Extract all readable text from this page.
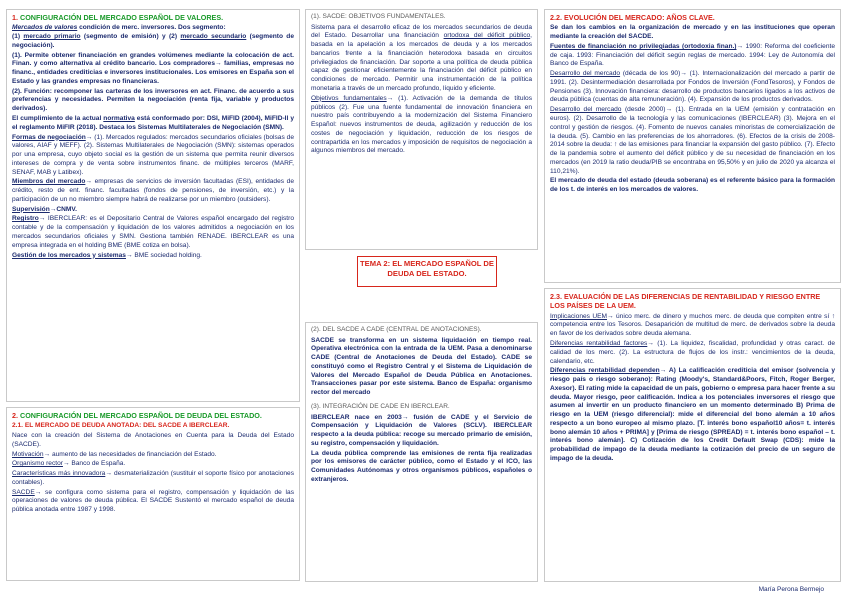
1. CONFIGURACIÓN DEL MERCADO ESPAÑOL DE VALORES.

Mercados de valores condición de merc. inversores. Dos segmento:
(1) mercado primario (segmento de emisión) y (2) mercado secundario (segmento de negociación).

(1). Permite obtener financiación en grandes volúmenes mediante la colocación de act. Finan. y como alternativa al crédito bancario. Los compradores→ familias, empresas no financ., entidades crediticias e inversores institucionales. Los emisores en España son el Estado y las grandes empresas no financieras.

(2). Función: recomponer las carteras de los inversores en act. Financ. de acuerdo a sus preferencias y necesidades. Permiten la negociación (renta fija, variable y productos derivados).

El cumplimiento de la actual normativa está conformado por: DSI, MiFID (2004), MiFID-II y el reglamento MiFIR (2018). Destaca los Sistemas Multilaterales de Negociación (SMN).

Formas de negociación→ (1). Mercados regulados: mercados secundarios oficiales (bolsas de valores, AIAF y MEFF). (2). Sistemas Multilaterales de Negociación (SMN): sistemas operados por una empresa, cuyo objeto social es la gestión de un sistema que permita reunir diversos intereses de compra y de venta sobre instrumentos financ. de múltiples terceros (MARF, SENAF, MAB y Latibex).

Miembros del mercado→ empresas de servicios de inversión facultadas (ESI), entidades de crédito, resto de ent. financ. facultadas (fondos de pensiones, de inversión, etc.) y la participación de un no miembro siempre habrá de realizarse por un miembro (outsiders).

Supervisión→CNMV.

Registro→ IBERCLEAR: es el Depositario Central de Valores español encargado del registro contable y de la compensación y liquidación de los valores admitidos a negociación en los mercados secundarios oficiales y SMN. Gestiona también RENADE. IBERCLEAR es una empresa integrada en el holding BME (BME cotiza en bolsa).

Gestión de los mercados y sistemas→ BME sociedad holding.

2. CONFIGURACIÓN DEL MERCADO ESPAÑOL DE DEUDA DEL ESTADO.
2.1. EL MERCADO DE DEUDA ANOTADA: DEL SACDE A IBERCLEAR.

Nace con la creación del Sistema de Anotaciones en Cuenta para la Deuda del Estado (SACDE).

Motivación→ aumento de las necesidades de financiación del Estado.

Organismo rector→ Banco de España.

Características más innovadora→ desmaterialización (sustituir el soporte físico por anotaciones contables).

SACDE→ se configura como sistema para el registro, compensación y liquidación de las operaciones de valores de deuda pública. El SACDE Sustentó el mercado español de deuda pública anotada entre 1987 y 1998.

(1). SACDE: OBJETIVOS FUNDAMENTALES.

Sistema para el desarrollo eficaz de los mercados secundarios de deuda del Estado. Desarrollar una financiación ortodoxa del déficit público, basada en la apelación a los mercados de deuda y a los mercados bancarios frente a la financiación heterodoxa basada en circuitos privilegiados de financiación. Dar soporte a una política de deuda pública capaz de gestionar eficientemente la financiación del déficit público en condiciones de mercado. Permitir una instrumentación de la política monetaria a través de un mercado profundo, líquido y eficiente.

Objetivos fundamentales→ (1). Activación de la demanda de títulos públicos (2). Fue una fuente fundamental de innovación financiera en nuestro país contribuyendo a la modernización del Sistema Financiero Español: nuevos instrumentos de deuda, agilización y reducción de los costes de negociación y liquidación, reducción de los riesgos de contrapartida en los mercados y imposición de requisitos de negociación a algunos miembros del mercado.

TEMA 2: EL MERCADO ESPAÑOL DE
DEUDA DEL ESTADO.
(2). DEL SACDE A CADE (CENTRAL DE ANOTACIONES).

SACDE se transforma en un sistema liquidación en tiempo real. Operativa electrónica con la entrada de la UEM. Pasa a denominarse CADE (Central de Anotaciones de Deuda del Estado). CADE se constituyó como el Registro Central y el Sistema de Liquidación de Valores del Mercado Español de Deuda Pública en Anotaciones. Transacciones pasar por este sistema. Banco de España: organismo rector del mercado

(3). INTEGRACIÓN DE CADE EN IBERCLEAR.

IBERCLEAR nace en 2003→ fusión de CADE y el Servicio de Compensación y Liquidación de Valores (SCLV). IBERCLEAR respecto a la deuda pública: recoge su mercado primario de emisión, su registro, compensación y liquidación.

La deuda pública comprende las emisiones de renta fija realizadas por los emisores de carácter público, como el Estado y el ICO, las Comunidades Autónomas y otros organismos públicos, españoles o extranjeros.

2.2. EVOLUCIÓN DEL MERCADO: AÑOS CLAVE.

Se dan los cambios en la organización de mercado y en las instituciones que operan mediante la creación del SACDE.

Fuentes de financiación no privilegiadas (ortodoxia finan.)→ 1990: Reforma del coeficiente de caja. 1993: Financiación del déficit según reglas de mercado. 1994: Ley de Autonomía del Banco de España.

Desarrollo del mercado (década de los 90)→ (1). Internacionalización del mercado a partir de 1991. (2). Desintermediación desarrollada por Fondos de Inversión (FondTesoros), y Fondos de Pensiones (3). Innovación financiera: desarrollo de productos bancarios ligados a los activos de deuda pública (cuentas de alta remuneración). (4). Expansión de los productos derivados.

Desarrollo del mercado (desde 2000)→ (1). Entrada en la UEM (emisión y contratación en euros). (2). Desarrollo de la tecnología y las comunicaciones (IBERCLEAR) (3). Mejora en el control y gestión de riesgos. (4). Fomento de nuevos canales minoristas de comercialización de la deuda. (5). Cambio en las preferencias de los ahorradores. (6). Efectos de la crisis de 2008-2014 sobre la deuda: ↑ de las emisiones para financiar la expansión del gasto público. (7). Efecto de la pandemia sobre el aumento del déficit público y de su necesidad de financiación en los mercados (en 2019 la ratio deuda/PIB se encontraba en 95,50% y en julio de 2020 ya alcanza el 110,21%).

El mercado de deuda del estado (deuda soberana) es el referente básico para la formación de los t. de interés en los mercados de valores.

2.3. EVALUACIÓN DE LAS DIFERENCIAS DE RENTABILIDAD Y RIESGO ENTRE LOS PAÍSES DE LA UEM.

Implicaciones UEM→ único merc. de dinero y muchos merc. de deuda que compiten entre sí ↑ competencia entre los Tesoros. Desaparición de multitud de merc. de derivados sobre la deuda en favor de los derivados sobre deuda alemana.

Diferencias rentabilidad factores→ (1). La liquidez, fiscalidad, profundidad y otras caract. de calidad de los merc. (2). La estructura de flujos de los instr.: vencimientos de la deuda, calendario, etc.

Diferencias rentabilidad dependen→ A) La calificación crediticia del emisor (solvencia y riesgo país o riesgo soberano): Rating (Moody's, Standard&Poors, Fitch, Roger Berger, Axesor). El rating mide la capacidad de un país, gobierno o empresa para hacer frente a su deuda. Mayor riesgo, peor calificación. Indica a los potenciales inversores el riesgo que asumen al invertir en un producto financiero en un momento determinado B) Prima de riesgo en la UEM (riesgo diferencial): mide el diferencial del bono alemán a 10 años respecto a un bono europeo al mismo plazo. [T. interés bono español10 años= t. interés bono alemán 10 años + PRIMA] y [Prima de riesgo (SPREAD) = t. interés bono español – t. interés bono alemán]. C) Cotización de los Credit Default Swap (CDS): mide la probabilidad de impago de la deuda mediante la cotización del precio de un seguro de impago de la deuda.

María Perona Bermejo
